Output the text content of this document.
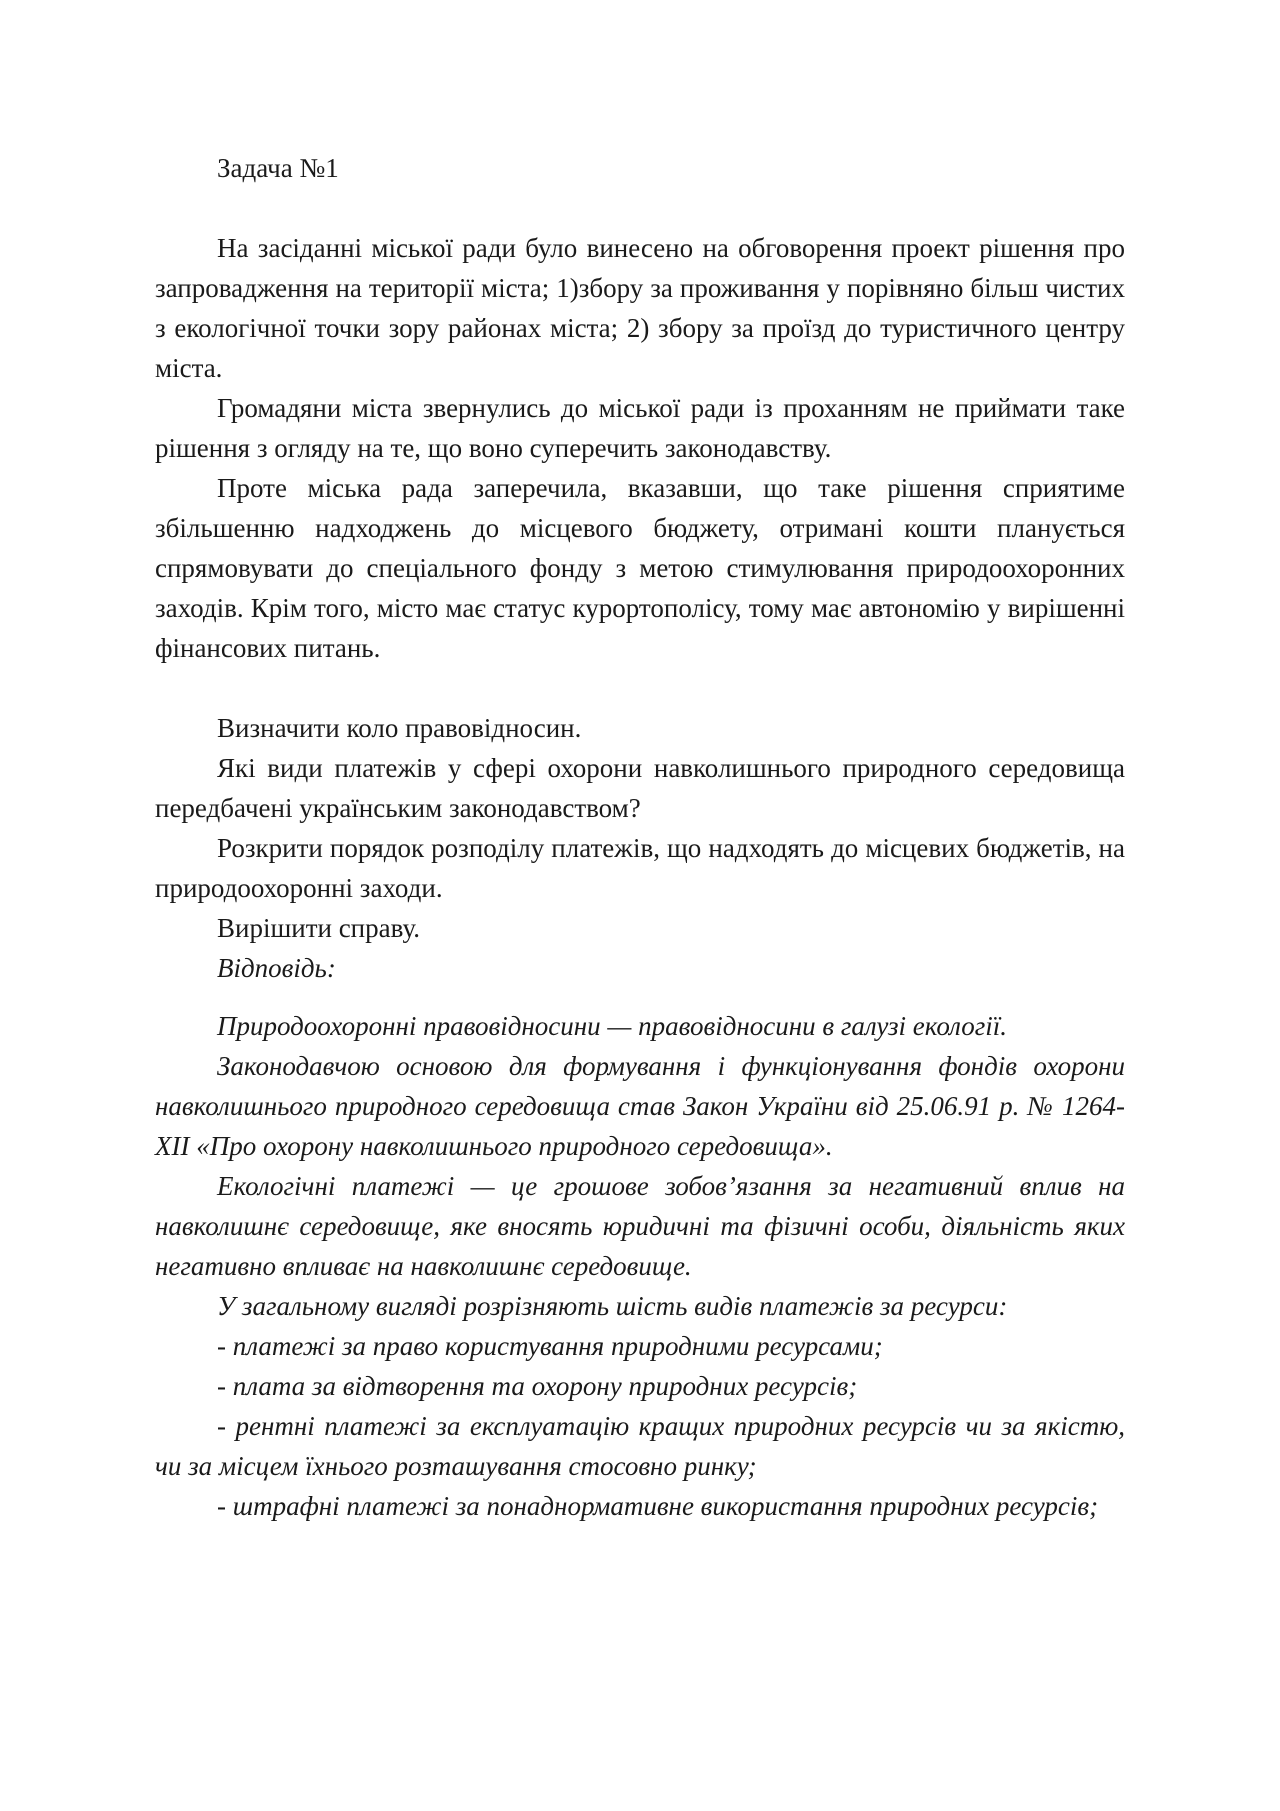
Задача №1

На засіданні міської ради було винесено на обговорення проект рішення про запровадження на території міста; 1)збору за проживання у порівняно більш чистих з екологічної точки зору районах міста; 2) збору за проїзд до туристичного центру міста.

Громадяни міста звернулись до міської ради із проханням не приймати таке рішення з огляду на те, що воно суперечить законодавству.

Проте міська рада заперечила, вказавши, що таке рішення сприятиме збільшенню надходжень до місцевого бюджету, отримані кошти планується спрямовувати до спеціального фонду з метою стимулювання природоохоронних заходів. Крім того, місто має статус курортополісу, тому має автономію у вирішенні фінансових питань.

Визначити коло правовідносин.

Які види платежів у сфері охорони навколишнього природного середовища передбачені українським законодавством?

Розкрити порядок розподілу платежів, що надходять до місцевих бюджетів, на природоохоронні заходи.

Вирішити справу.

Відповідь:

Природоохоронні правовідносини — правовідносини в галузі екології.

Законодавчою основою для формування і функціонування фондів охорони навколишнього природного середовища став Закон України від 25.06.91 р. № 1264-XII «Про охорону навколишнього природного середовища».

Екологічні платежі — це грошове зобов’язання за негативний вплив на навколишнє середовище, яке вносять юридичні та фізичні особи, діяльність яких негативно впливає на навколишнє середовище.

У загальному вигляді розрізняють шість видів платежів за ресурси:

- платежі за право користування природними ресурсами;

- плата за відтворення та охорону природних ресурсів;

- рентні платежі за експлуатацію кращих природних ресурсів чи за якістю, чи за місцем їхнього розташування стосовно ринку;

- штрафні платежі за понаднормативне використання природних ресурсів;
